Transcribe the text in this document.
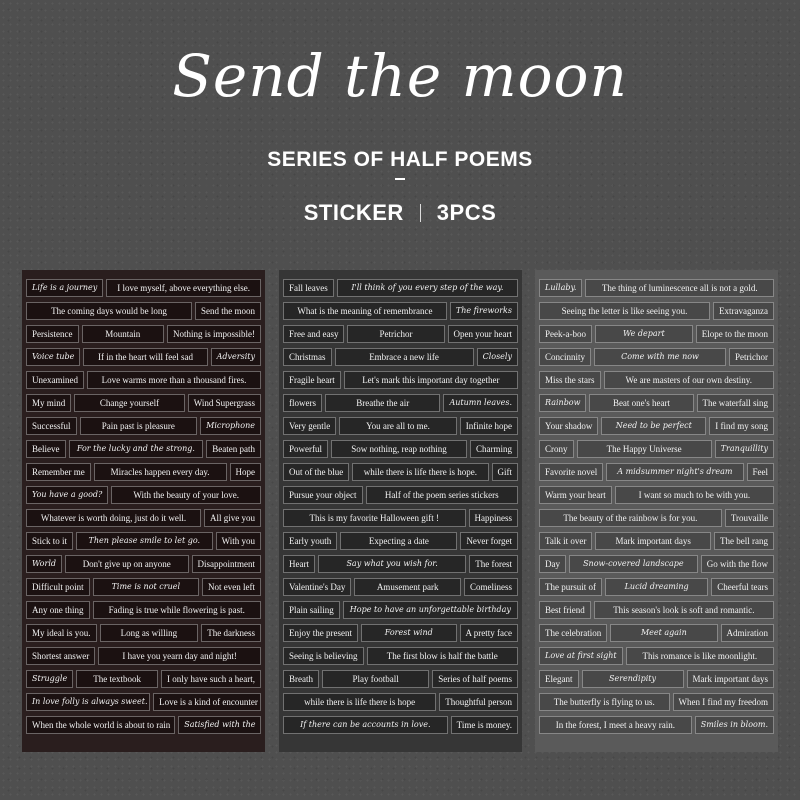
Send the moon
SERIES OF HALF POEMS
STICKER 3PCS
Life is a journey	I love myself, above everything else.
The coming days would be long	Send the moon
Persistence	Mountain	Nothing is impossible!
Voice tube	If in the heart will feel sad	Adversity
Unexamined	Love warms more than a thousand fires.
My mind	Change yourself	Wind Supergrass
Successful	Pain past is pleasure	Microphone
Believe	For the lucky and the strong.	Beaten path
Remember me	Miracles happen every day.	Hope
You have a good?	With the beauty of your love.
Whatever is worth doing, just do it well.	All give you
Stick to it	Then please smile to let go.	With you
World	Don't give up on anyone	Disappointment
Difficult point	Time is not cruel	Not even left
Any one thing	Fading is true while flowering is past.
My ideal is you.	Long as willing	The darkness
Shortest answer	I have you yearn day and night!
Struggle	The textbook	I only have such a heart,
In love folly is always sweet.	Love is a kind of encounter
When the whole world is about to rain	Satisfied with the
Fall leaves	I'll think of you every step of the way.
What is the meaning of remembrance	The fireworks
Free and easy	Petrichor	Open your heart
Christmas	Embrace a new life	Closely
Fragile heart	Let's mark this important day together
flowers	Breathe the air	Autumn leaves.
Very gentle	You are all to me.	Infinite hope
Powerful	Sow nothing, reap nothing	Charming
Out of the blue	while there is life there is hope.	Gift
Pursue your object	Half of the poem series stickers
This is my favorite Halloween gift !	Happiness
Early youth	Expecting a date	Never forget
Heart	Say what you wish for.	The forest
Valentine's Day	Amusement park	Comeliness
Plain sailing	Hope to have an unforgettable birthday
Enjoy the present	Forest wind	A pretty face
Seeing is believing	The first blow is half the battle
Breath	Play football	Series of half poems
while there is life there is hope	Thoughtful person
If there can be accounts in love.	Time is money.
Lullaby.	The thing of luminescence all is not a gold.
Seeing the letter is like seeing you.	Extravaganza
Peek-a-boo	We depart	Elope to the moon
Concinnity	Come with me now	Petrichor
Miss the stars	We are masters of our own destiny.
Rainbow	Beat one's heart	The waterfall sing
Your shadow	Need to be perfect	I find my song
Crony	The Happy Universe	Tranquillity
Favorite novel	A midsummer night's dream	Feel
Warm your heart	I want so much to be with you.
The beauty of the rainbow is for you.	Trouvaille
Talk it over	Mark important days	The bell rang
Day	Snow-covered landscape	Go with the flow
The pursuit of	Lucid dreaming	Cheerful tears
Best friend	This season's look is soft and romantic.
The celebration	Meet again	Admiration
Love at first sight	This romance is like moonlight.
Elegant	Serendipity	Mark important days
The butterfly is flying to us.	When I find my freedom
In the forest, I meet a heavy rain.	Smiles in bloom.
